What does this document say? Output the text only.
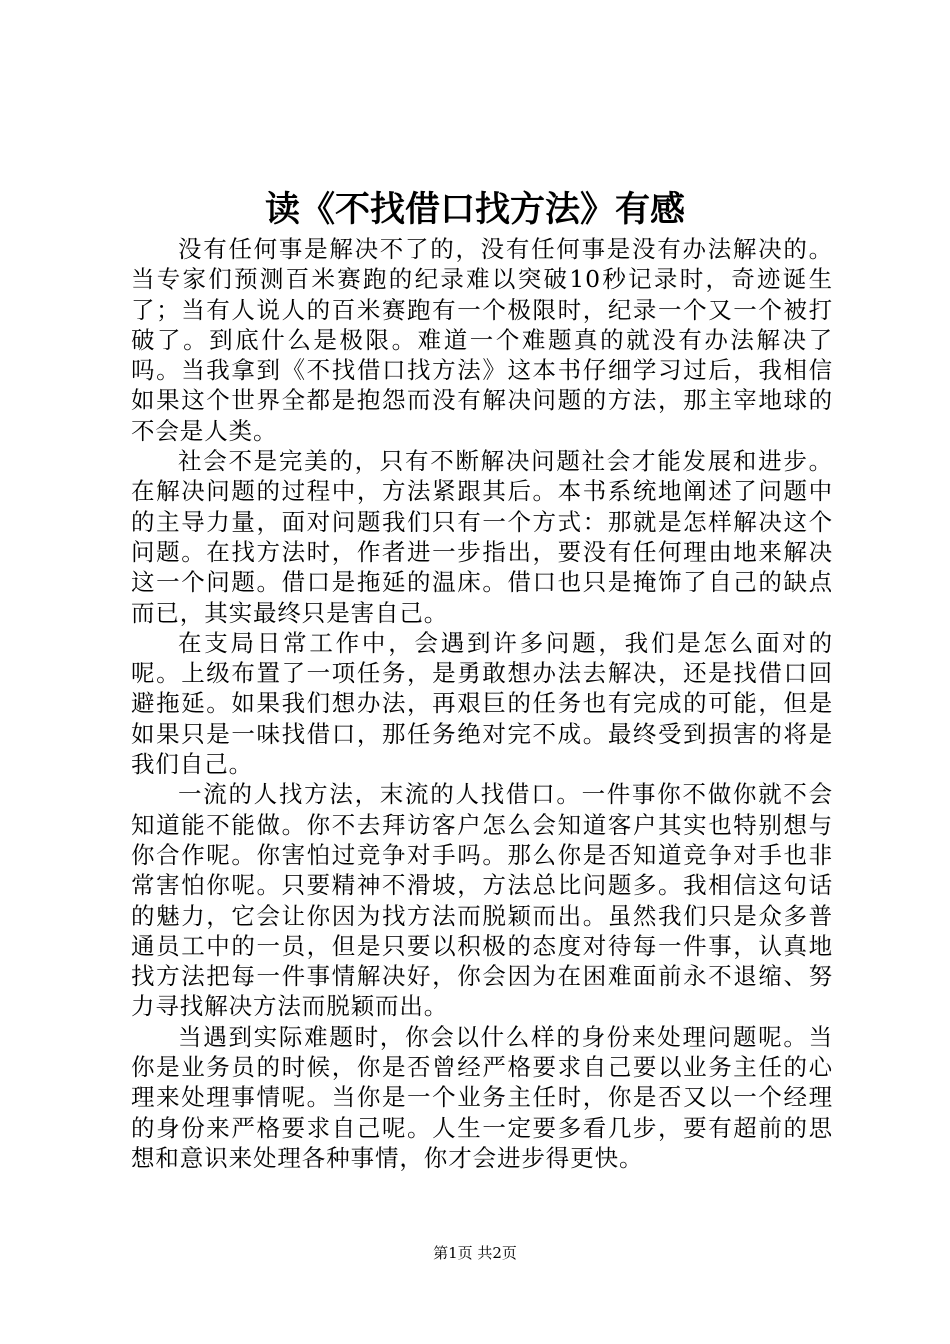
读《不找借口找方法》有感

没有任何事是解决不了的，没有任何事是没有办法解决的。当专家们预测百米赛跑的纪录难以突破10秒记录时，奇迹诞生了；当有人说人的百米赛跑有一个极限时，纪录一个又一个被打破了。到底什么是极限。难道一个难题真的就没有办法解决了吗。当我拿到《不找借口找方法》这本书仔细学习过后，我相信如果这个世界全都是抱怨而没有解决问题的方法，那主宰地球的不会是人类。

社会不是完美的，只有不断解决问题社会才能发展和进步。在解决问题的过程中，方法紧跟其后。本书系统地阐述了问题中的主导力量，面对问题我们只有一个方式：那就是怎样解决这个问题。在找方法时，作者进一步指出，要没有任何理由地来解决这一个问题。借口是拖延的温床。借口也只是掩饰了自己的缺点而已，其实最终只是害自己。

在支局日常工作中，会遇到许多问题，我们是怎么面对的呢。上级布置了一项任务，是勇敢想办法去解决，还是找借口回避拖延。如果我们想办法，再艰巨的任务也有完成的可能，但是如果只是一味找借口，那任务绝对完不成。最终受到损害的将是我们自己。

一流的人找方法，末流的人找借口。一件事你不做你就不会知道能不能做。你不去拜访客户怎么会知道客户其实也特别想与你合作呢。你害怕过竞争对手吗。那么你是否知道竞争对手也非常害怕你呢。只要精神不滑坡，方法总比问题多。我相信这句话的魅力，它会让你因为找方法而脱颖而出。虽然我们只是众多普通员工中的一员，但是只要以积极的态度对待每一件事，认真地找方法把每一件事情解决好，你会因为在困难面前永不退缩、努力寻找解决方法而脱颖而出。

当遇到实际难题时，你会以什么样的身份来处理问题呢。当你是业务员的时候，你是否曾经严格要求自己要以业务主任的心理来处理事情呢。当你是一个业务主任时，你是否又以一个经理的身份来严格要求自己呢。人生一定要多看几步，要有超前的思想和意识来处理各种事情，你才会进步得更快。

第1页 共2页
